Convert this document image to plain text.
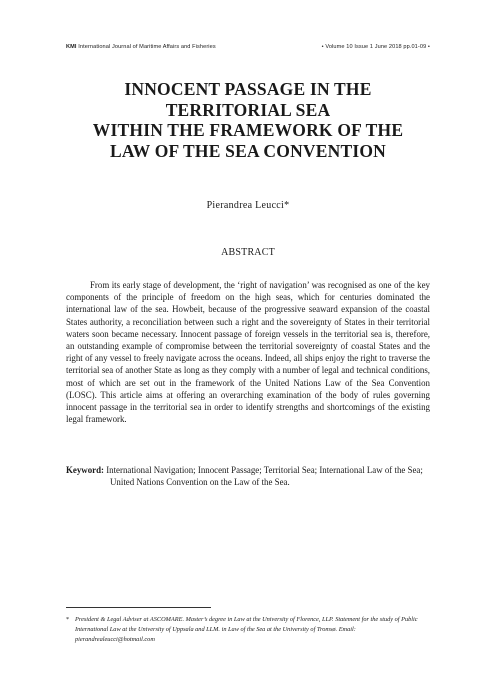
KMI International Journal of Maritime Affairs and Fisheries	• Volume 10 Issue 1 June 2018 pp.01-09 •
INNOCENT PASSAGE IN THE
TERRITORIAL SEA
WITHIN THE FRAMEWORK OF THE
LAW OF THE SEA CONVENTION
Pierandrea Leucci*
ABSTRACT

From its early stage of development, the ‘right of navigation’ was recognised as one of the key components of the principle of freedom on the high seas, which for centuries dominated the international law of the sea. Howbeit, because of the progressive seaward expansion of the coastal States authority, a reconciliation between such a right and the sovereignty of States in their territorial waters soon became necessary. Innocent passage of foreign vessels in the territorial sea is, therefore, an outstanding example of compromise between the territorial sovereignty of coastal States and the right of any vessel to freely navigate across the oceans. Indeed, all ships enjoy the right to traverse the territorial sea of another State as long as they comply with a number of legal and technical conditions, most of which are set out in the framework of the United Nations Law of the Sea Convention (LOSC). This article aims at offering an overarching examination of the body of rules governing innocent passage in the territorial sea in order to identify strengths and shortcomings of the existing legal framework.

Keyword: International Navigation; Innocent Passage; Territorial Sea; International Law of the Sea; United Nations Convention on the Law of the Sea.
* President & Legal Adviser at ASCOMARE. Master’s degree in Law at the University of Florence, LLP. Statement for the study of Public International Law at the University of Uppsala and LLM. in Law of the Sea at the University of Tromsø. Email: pierandrealeucci@hotmail.com
